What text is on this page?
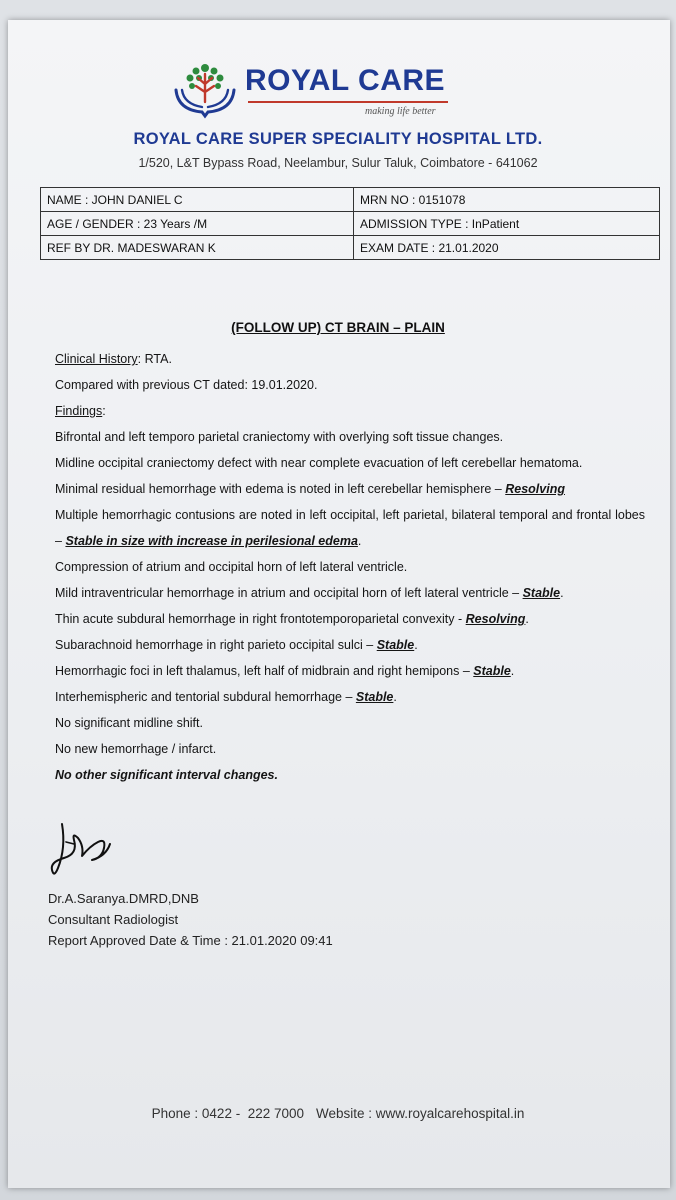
ROYAL CARE
making life better
ROYAL CARE SUPER SPECIALITY HOSPITAL LTD.
1/520, L&T Bypass Road, Neelambur, Sulur Taluk, Coimbatore - 641062
NAME : JOHN DANIEL C	MRN NO : 0151078
AGE / GENDER : 23 Years /M	ADMISSION TYPE : InPatient
REF BY DR. MADESWARAN K	EXAM DATE : 21.01.2020
(FOLLOW UP) CT BRAIN – PLAIN

Clinical History: RTA.

Compared with previous CT dated: 19.01.2020.

Findings:

Bifrontal and left temporo parietal craniectomy with overlying soft tissue changes.

Midline occipital craniectomy defect with near complete evacuation of left cerebellar hematoma.

Minimal residual hemorrhage with edema is noted in left cerebellar hemisphere – Resolving

Multiple hemorrhagic contusions are noted in left occipital, left parietal, bilateral temporal and frontal lobes – Stable in size with increase in perilesional edema.

Compression of atrium and occipital horn of left lateral ventricle.

Mild intraventricular hemorrhage in atrium and occipital horn of left lateral ventricle – Stable.

Thin acute subdural hemorrhage in right frontotemporoparietal convexity - Resolving.

Subarachnoid hemorrhage in right parieto occipital sulci – Stable.

Hemorrhagic foci in left thalamus, left half of midbrain and right hemipons – Stable.

Interhemispheric and tentorial subdural hemorrhage – Stable.

No significant midline shift.

No new hemorrhage / infarct.

No other significant interval changes.

Dr.A.Saranya.DMRD,DNB
Consultant Radiologist
Report Approved Date & Time : 21.01.2020 09:41
Phone : 0422 -  222 7000 Website : www.royalcarehospital.in
